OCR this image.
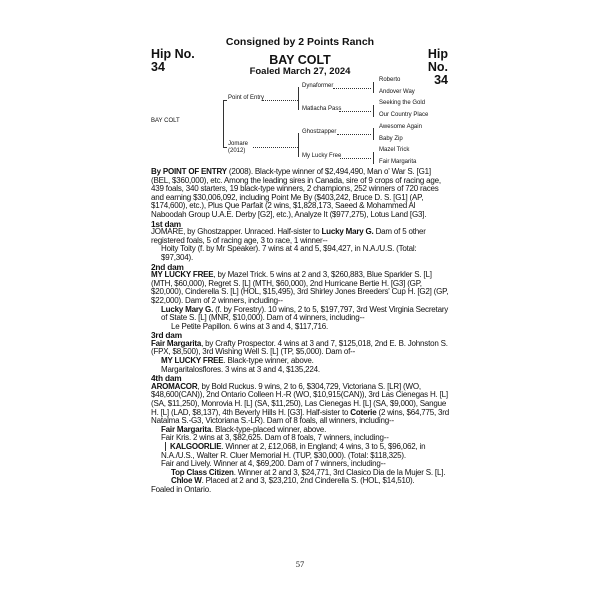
Consigned by 2 Points Ranch
Hip No.
34
Hip No.
34
BAY COLT
Foaled March 27, 2024
BAY COLT
Point of Entry
Jomare
(2012)
Dynaformer
Matlacha Pass
Ghostzapper
My Lucky Free
Roberto
Andover Way
Seeking the Gold
Our Country Place
Awesome Again
Baby Zip
Mazel Trick
Fair Margarita

By POINT OF ENTRY (2008). Black-type winner of $2,494,490, Man o' War S. [G1] (BEL, $360,000), etc. Among the leading sires in Canada, sire of 9 crops of racing age, 439 foals, 340 starters, 19 black-type winners, 2 champions, 252 winners of 720 races and earning $30,006,092, including Point Me By ($403,242, Bruce D. S. [G1] (AP, $174,600), etc.), Plus Que Parfait (2 wins, $1,828,173, Saeed & Mohammed Al Naboodah Group U.A.E. Derby [G2], etc.), Analyze It ($977,275), Lotus Land [G3].

1st dam

JOMARE, by Ghostzapper. Unraced. Half-sister to Lucky Mary G. Dam of 5 other registered foals, 5 of racing age, 3 to race, 1 winner--

Hoity Toity (f. by Mr Speaker). 7 wins at 4 and 5, $94,427, in N.A./U.S. (Total: $97,304).

2nd dam

MY LUCKY FREE, by Mazel Trick. 5 wins at 2 and 3, $260,883, Blue Sparkler S. [L] (MTH, $60,000), Regret S. [L] (MTH, $60,000), 2nd Hurricane Bertie H. [G3] (GP, $20,000), Cinderella S. [L] (HOL, $15,495), 3rd Shirley Jones Breeders' Cup H. [G2] (GP, $22,000). Dam of 2 winners, including--

Lucky Mary G. (f. by Forestry). 10 wins, 2 to 5, $197,797, 3rd West Virginia Secretary of State S. [L] (MNR, $10,000). Dam of 4 winners, including--

Le Petite Papillon. 6 wins at 3 and 4, $117,716.

3rd dam

Fair Margarita, by Crafty Prospector. 4 wins at 3 and 7, $125,018, 2nd E. B. Johnston S. (FPX, $8,500), 3rd Wishing Well S. [L] (TP, $5,000). Dam of--

MY LUCKY FREE. Black-type winner, above.

Margaritalosflores. 3 wins at 3 and 4, $135,224.

4th dam

AROMACOR, by Bold Ruckus. 9 wins, 2 to 6, $304,729, Victoriana S. [LR] (WO, $48,600(CAN)), 2nd Ontario Colleen H.-R (WO, $10,915(CAN)), 3rd Las Cienegas H. [L] (SA, $11,250), Monrovia H. [L] (SA, $11,250), Las Cienegas H. [L] (SA, $9,000), Sangue H. [L] (LAD, $8,137), 4th Beverly Hills H. [G3]. Half-sister to Coterie (2 wins, $64,775, 3rd Natalma S.-G3, Victoriana S.-LR). Dam of 8 foals, all winners, including--

Fair Margarita. Black-type-placed winner, above.

Fair Kris. 2 wins at 3, $82,625. Dam of 8 foals, 7 winners, including--

KALGOORLIE. Winner at 2, £12,068, in England; 4 wins, 3 to 5, $96,062, in N.A./U.S., Walter R. Cluer Memorial H. (TUP, $30,000). (Total: $118,325).

Fair and Lively. Winner at 4, $69,200. Dam of 7 winners, including--

Top Class Citizen. Winner at 2 and 3, $24,771, 3rd Clasico Dia de la Mujer S. [L].

Chloe W. Placed at 2 and 3, $23,210, 2nd Cinderella S. (HOL, $14,510).

Foaled in Ontario.

57
